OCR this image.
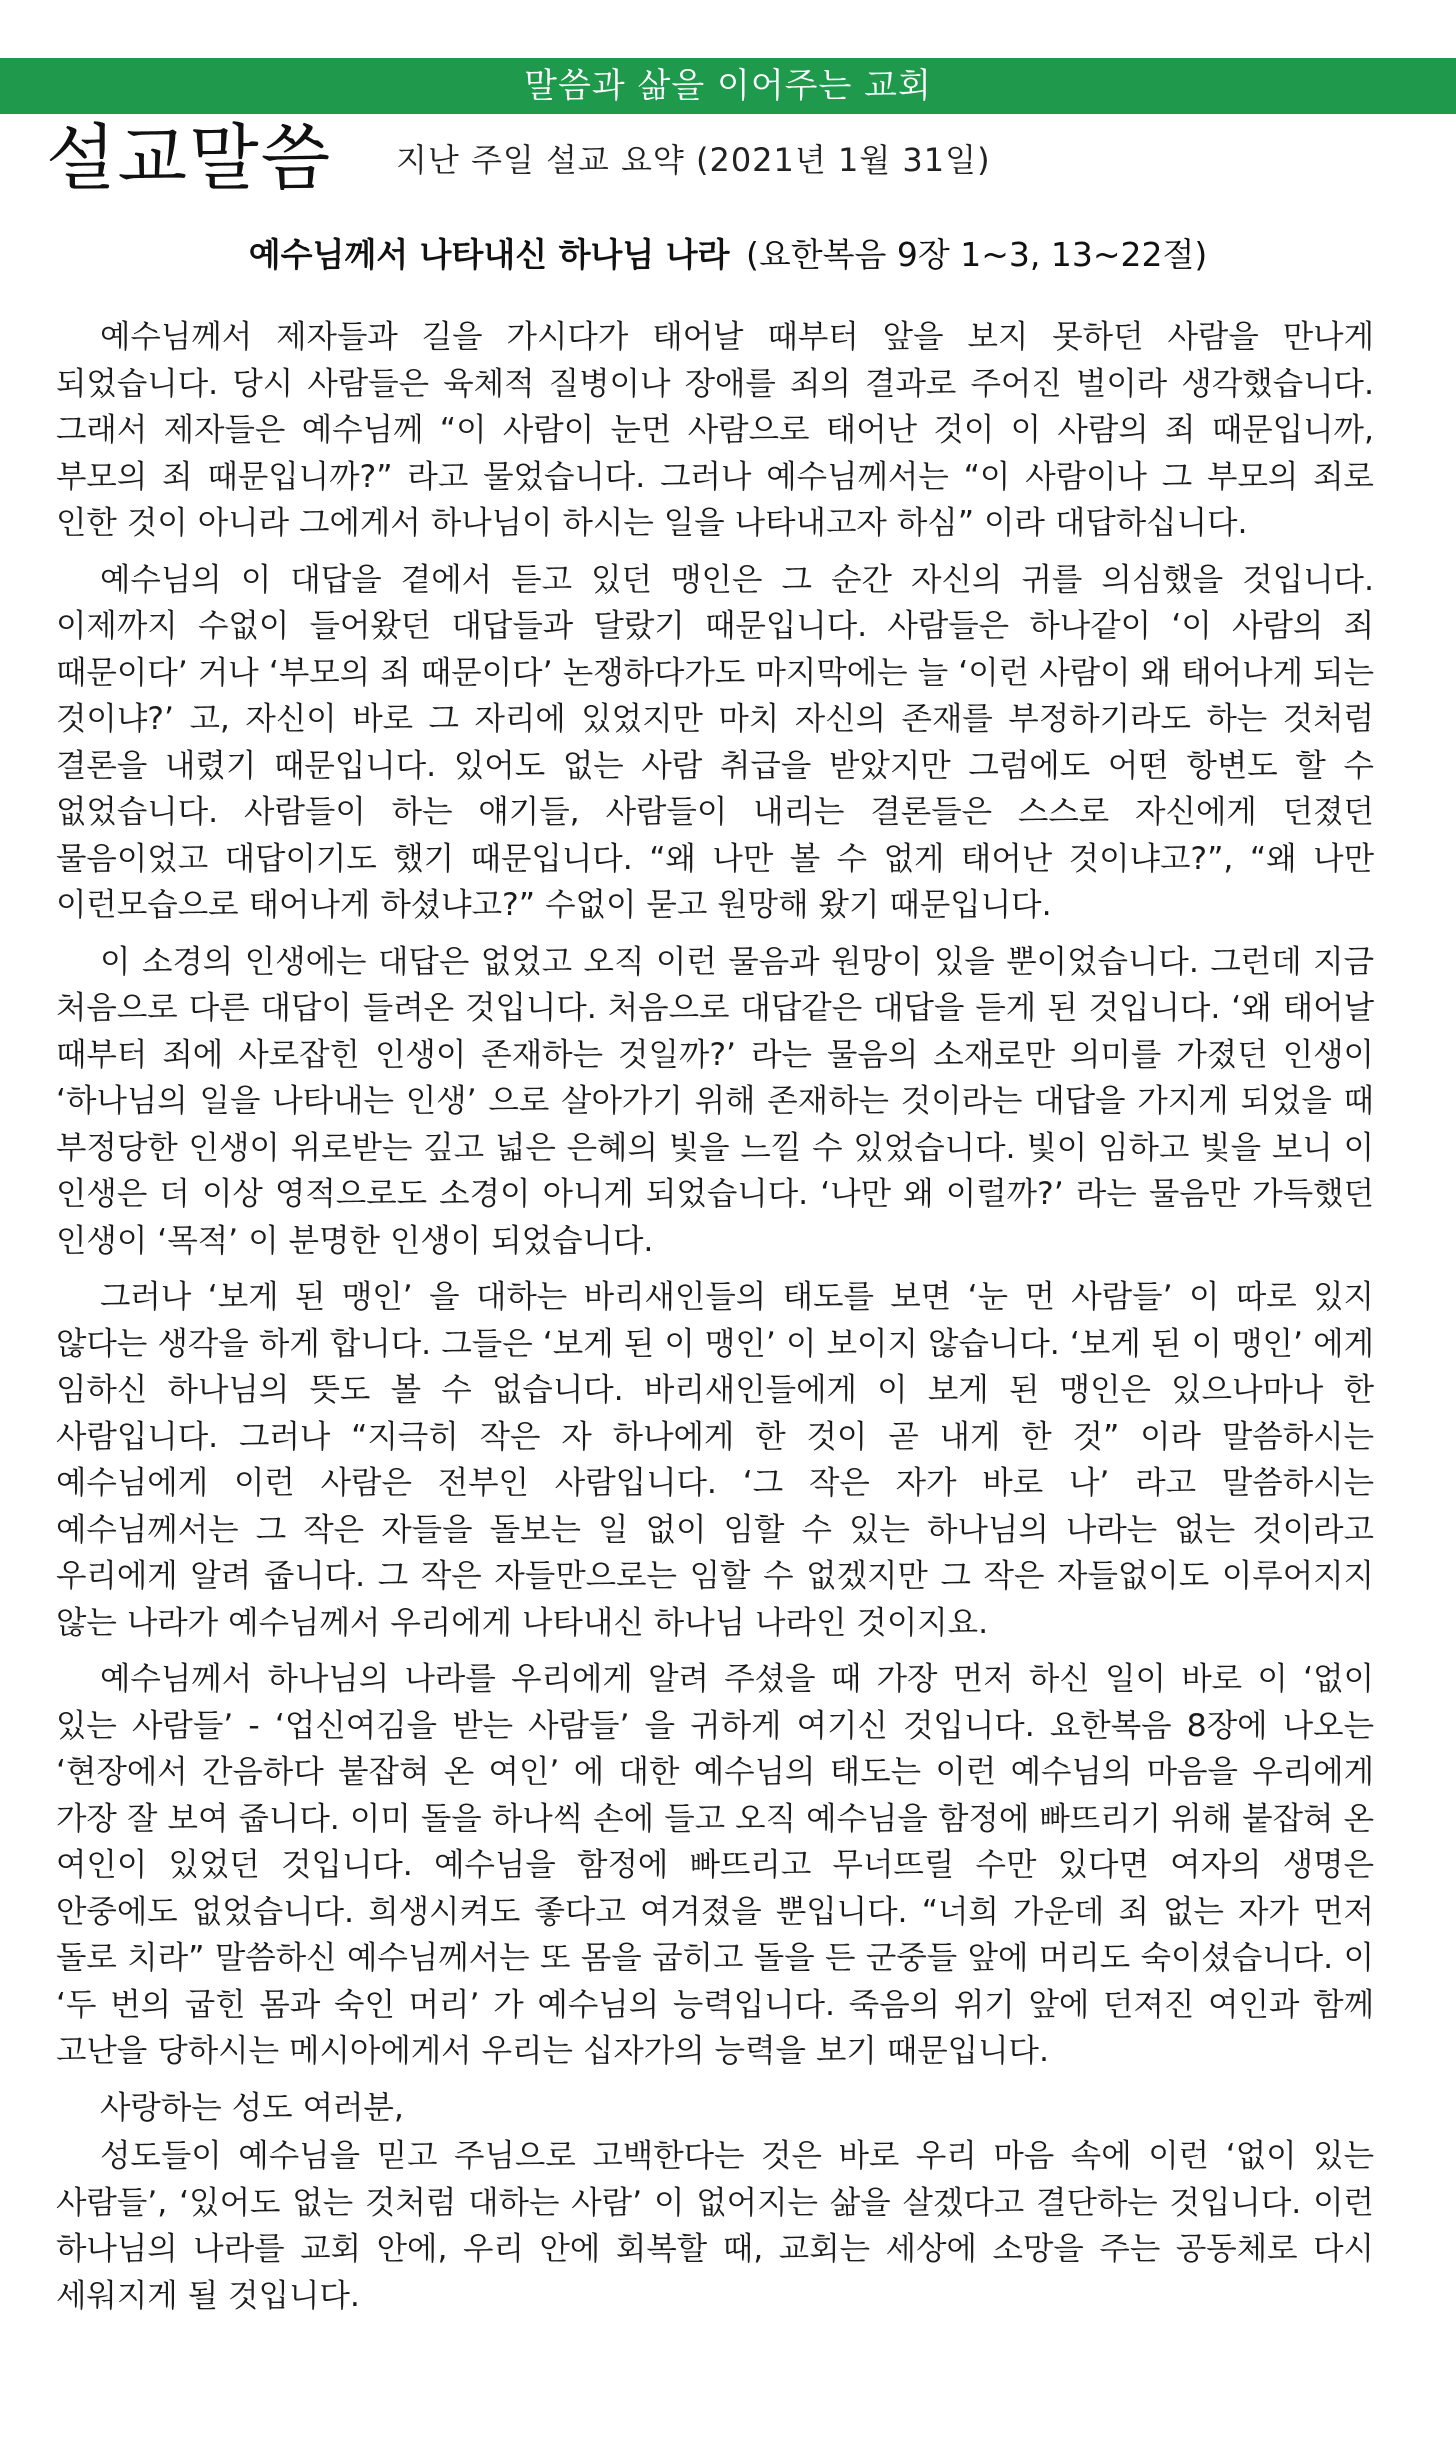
말씀과 삶을 이어주는 교회
설교말씀 지난 주일 설교 요약 (2021년 1월 31일)
예수님께서 나타내신 하나님 나라 (요한복음 9장 1~3, 13~22절)

예수님께서 제자들과 길을 가시다가 태어날 때부터 앞을 보지 못하던 사람을 만나게 되었습니다. 당시 사람들은 육체적 질병이나 장애를 죄의 결과로 주어진 벌이라 생각했습니다. 그래서 제자들은 예수님께 “이 사람이 눈먼 사람으로 태어난 것이 이 사람의 죄 때문입니까, 부모의 죄 때문입니까?” 라고 물었습니다. 그러나 예수님께서는 “이 사람이나 그 부모의 죄로 인한 것이 아니라 그에게서 하나님이 하시는 일을 나타내고자 하심” 이라 대답하십니다.

예수님의 이 대답을 곁에서 듣고 있던 맹인은 그 순간 자신의 귀를 의심했을 것입니다. 이제까지 수없이 들어왔던 대답들과 달랐기 때문입니다. 사람들은 하나같이 ‘이 사람의 죄 때문이다’ 거나 ‘부모의 죄 때문이다’ 논쟁하다가도 마지막에는 늘 ‘이런 사람이 왜 태어나게 되는 것이냐?’ 고, 자신이 바로 그 자리에 있었지만 마치 자신의 존재를 부정하기라도 하는 것처럼 결론을 내렸기 때문입니다. 있어도 없는 사람 취급을 받았지만 그럼에도 어떤 항변도 할 수 없었습니다. 사람들이 하는 얘기들, 사람들이 내리는 결론들은 스스로 자신에게 던졌던 물음이었고 대답이기도 했기 때문입니다. “왜 나만 볼 수 없게 태어난 것이냐고?”, “왜 나만 이런모습으로 태어나게 하셨냐고?” 수없이 묻고 원망해 왔기 때문입니다.

이 소경의 인생에는 대답은 없었고 오직 이런 물음과 원망이 있을 뿐이었습니다. 그런데 지금 처음으로 다른 대답이 들려온 것입니다. 처음으로 대답같은 대답을 듣게 된 것입니다. ‘왜 태어날 때부터 죄에 사로잡힌 인생이 존재하는 것일까?’ 라는 물음의 소재로만 의미를 가졌던 인생이 ‘하나님의 일을 나타내는 인생’ 으로 살아가기 위해 존재하는 것이라는 대답을 가지게 되었을 때 부정당한 인생이 위로받는 깊고 넓은 은혜의 빛을 느낄 수 있었습니다. 빛이 임하고 빛을 보니 이 인생은 더 이상 영적으로도 소경이 아니게 되었습니다. ‘나만 왜 이럴까?’ 라는 물음만 가득했던 인생이 ‘목적’ 이 분명한 인생이 되었습니다.

그러나 ‘보게 된 맹인’ 을 대하는 바리새인들의 태도를 보면 ‘눈 먼 사람들’ 이 따로 있지 않다는 생각을 하게 합니다. 그들은 ‘보게 된 이 맹인’ 이 보이지 않습니다. ‘보게 된 이 맹인’ 에게 임하신 하나님의 뜻도 볼 수 없습니다. 바리새인들에게 이 보게 된 맹인은 있으나마나 한 사람입니다. 그러나 “지극히 작은 자 하나에게 한 것이 곧 내게 한 것” 이라 말씀하시는 예수님에게 이런 사람은 전부인 사람입니다. ‘그 작은 자가 바로 나’ 라고 말씀하시는 예수님께서는 그 작은 자들을 돌보는 일 없이 임할 수 있는 하나님의 나라는 없는 것이라고 우리에게 알려 줍니다. 그 작은 자들만으로는 임할 수 없겠지만 그 작은 자들없이도 이루어지지 않는 나라가 예수님께서 우리에게 나타내신 하나님 나라인 것이지요.

예수님께서 하나님의 나라를 우리에게 알려 주셨을 때 가장 먼저 하신 일이 바로 이 ‘없이 있는 사람들’ - ‘업신여김을 받는 사람들’ 을 귀하게 여기신 것입니다. 요한복음 8장에 나오는 ‘현장에서 간음하다 붙잡혀 온 여인’ 에 대한 예수님의 태도는 이런 예수님의 마음을 우리에게 가장 잘 보여 줍니다. 이미 돌을 하나씩 손에 들고 오직 예수님을 함정에 빠뜨리기 위해 붙잡혀 온 여인이 있었던 것입니다. 예수님을 함정에 빠뜨리고 무너뜨릴 수만 있다면 여자의 생명은 안중에도 없었습니다. 희생시켜도 좋다고 여겨졌을 뿐입니다. “너희 가운데 죄 없는 자가 먼저 돌로 치라” 말씀하신 예수님께서는 또 몸을 굽히고 돌을 든 군중들 앞에 머리도 숙이셨습니다. 이 ‘두 번의 굽힌 몸과 숙인 머리’ 가 예수님의 능력입니다. 죽음의 위기 앞에 던져진 여인과 함께 고난을 당하시는 메시아에게서 우리는 십자가의 능력을 보기 때문입니다.

사랑하는 성도 여러분,

성도들이 예수님을 믿고 주님으로 고백한다는 것은 바로 우리 마음 속에 이런 ‘없이 있는 사람들’, ‘있어도 없는 것처럼 대하는 사람’ 이 없어지는 삶을 살겠다고 결단하는 것입니다. 이런 하나님의 나라를 교회 안에, 우리 안에 회복할 때, 교회는 세상에 소망을 주는 공동체로 다시 세워지게 될 것입니다.
